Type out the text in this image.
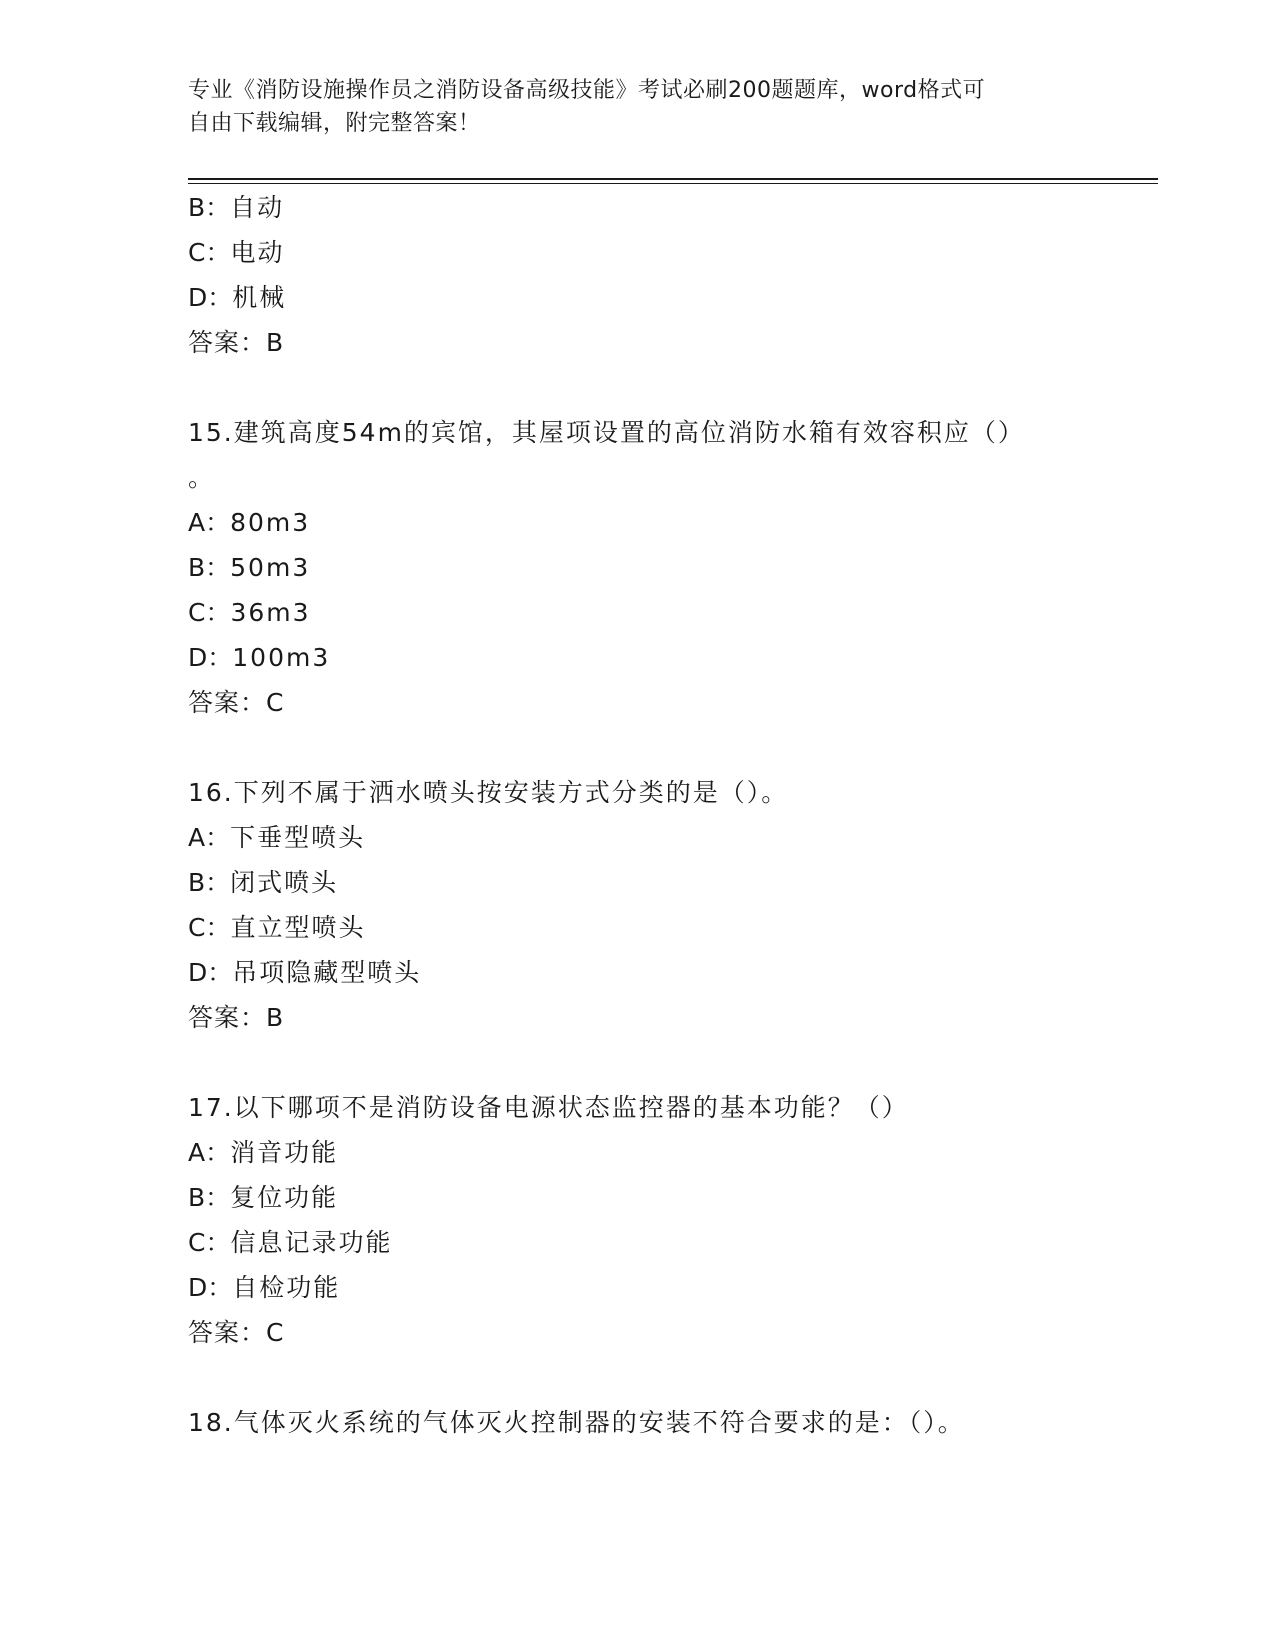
专业《消防设施操作员之消防设备高级技能》考试必刷200题题库，word格式可
自由下载编辑，附完整答案！
B：自动
C：电动
D：机械
答案：B
15.建筑高度54m的宾馆，其屋项设置的高位消防水箱有效容积应（）
。
A：80m3
B：50m3
C：36m3
D：100m3
答案：C
16.下列不属于洒水喷头按安装方式分类的是（）。
A：下垂型喷头
B：闭式喷头
C：直立型喷头
D：吊项隐藏型喷头
答案：B
17.以下哪项不是消防设备电源状态监控器的基本功能？（）
A：消音功能
B：复位功能
C：信息记录功能
D：自检功能
答案：C
18.气体灭火系统的气体灭火控制器的安装不符合要求的是：（）。
